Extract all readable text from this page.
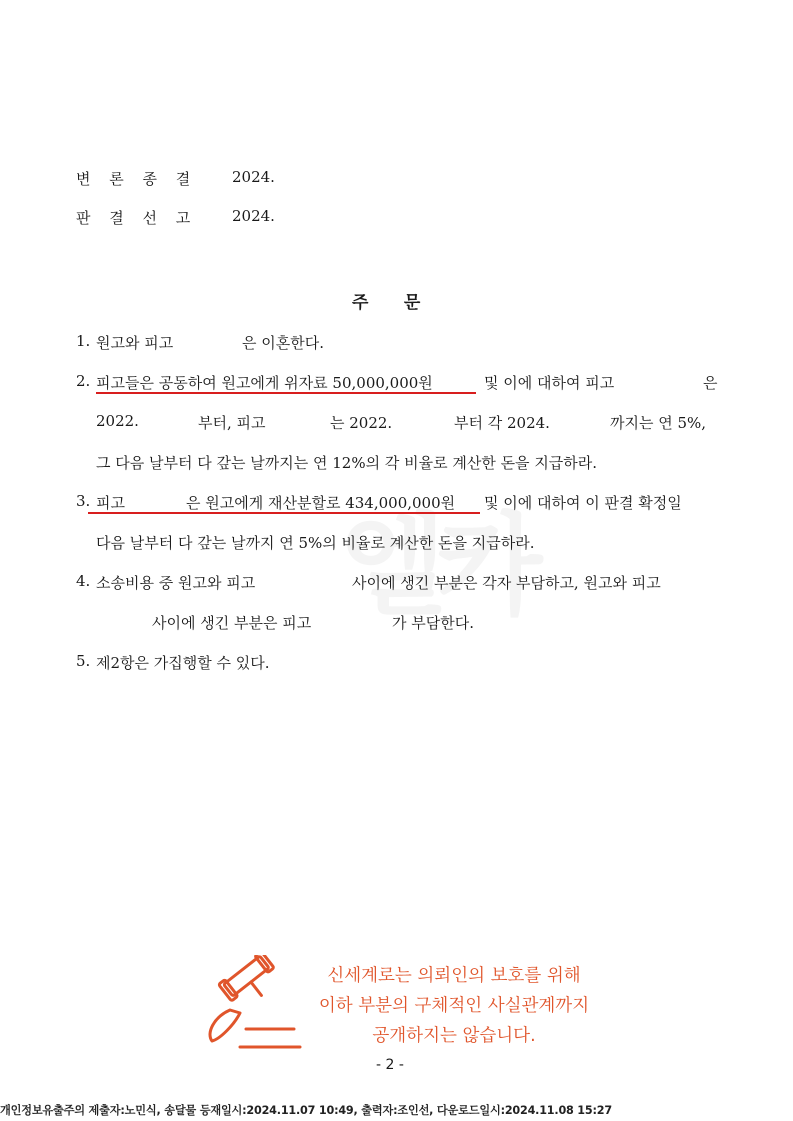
변 론 종 결 2024.
판 결 선 고 2024.
주      문
1. 원고와 피고	은 이혼한다.
2. 피고들은 공동하여 원고에게 위자료 50,000,000원	및 이에 대하여 피고	은
2022.	부터, 피고	는 2022.	부터 각 2024.	까지는 연 5%,
그 다음 날부터 다 갚는 날까지는 연 12%의 각 비율로 계산한 돈을 지급하라.
3. 피고	은 원고에게 재산분할로 434,000,000원 및 이에 대하여 이 판결 확정일
다음 날부터 다 갚는 날까지 연 5%의 비율로 계산한 돈을 지급하라.
4. 소송비용 중 원고와 피고	사이에 생긴 부분은 각자 부담하고, 원고와 피고
사이에 생긴 부분은 피고	가 부담한다.
5. 제2항은 가집행할 수 있다.
신세계로는 의뢰인의 보호를 위해
이하 부분의 구체적인 사실관계까지
공개하지는 않습니다.
- 2 -
개인정보유출주의 제출자:노민식, 송달물 등재일시:2024.11.07 10:49, 출력자:조인선, 다운로드일시:2024.11.08 15:27
